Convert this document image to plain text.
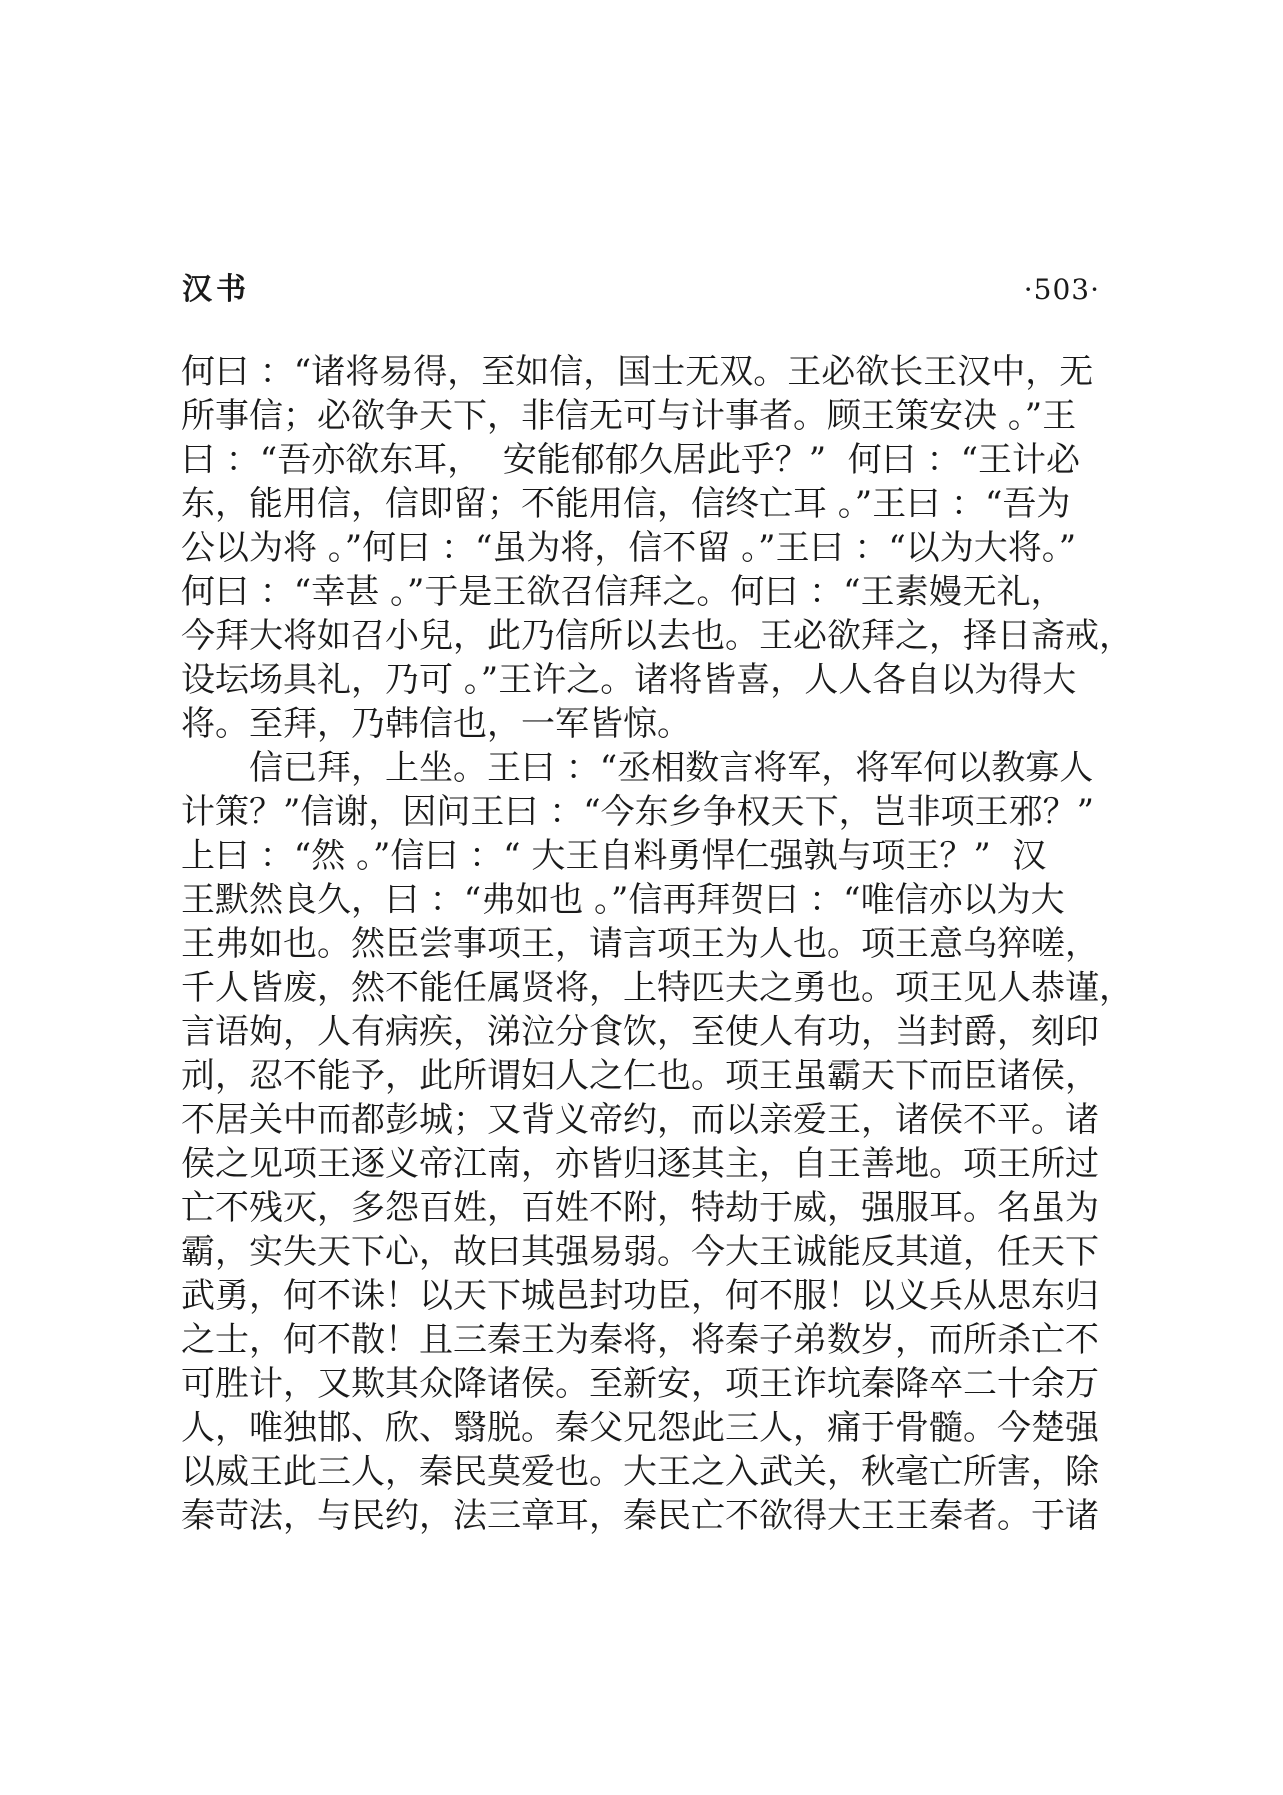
汉书	·503·
何曰 ：“诸将易得，至如信，国士无双。王必欲长王汉中，无
所事信；必欲争天下，非信无可与计事者。顾王策安决 。”王
曰 ：“吾亦欲东耳，  安能郁郁久居此乎？”  何曰 ：“王计必
东，能用信，信即留；不能用信，信终亡耳 。”王曰 ：“吾为
公以为将 。”何曰 ：“虽为将，信不留 。”王曰 ：“以为大将。”
何曰 ：“幸甚 。”于是王欲召信拜之。何曰 ：“王素嫚无礼，
今拜大将如召小兒，此乃信所以去也。王必欲拜之，择日斋戒，
设坛场具礼，乃可 。”王许之。诸将皆喜，人人各自以为得大
将。至拜，乃韩信也，一军皆惊。
　　信已拜，上坐。王曰 ：“丞相数言将军，将军何以教寡人
计策？”信谢，因问王曰 ：“今东乡争权天下，岂非项王邪？”
上曰 ：“然 。”信曰 ：“ 大王自料勇悍仁强孰与项王？”  汉
王默然良久，曰 ：“弗如也 。”信再拜贺曰 ：“唯信亦以为大
王弗如也。然臣尝事项王，请言项王为人也。项王意乌猝嗟，
千人皆废，然不能任属贤将，上特匹夫之勇也。项王见人恭谨，
言语姁，人有病疾，涕泣分食饮，至使人有功，当封爵，刻印
刓，忍不能予，此所谓妇人之仁也。项王虽霸天下而臣诸侯，
不居关中而都彭城；又背义帝约，而以亲爱王，诸侯不平。诸
侯之见项王逐义帝江南，亦皆归逐其主，自王善地。项王所过
亡不残灭，多怨百姓，百姓不附，特劫于威，强服耳。名虽为
霸，实失天下心，故曰其强易弱。今大王诚能反其道，任天下
武勇，何不诛！以天下城邑封功臣，何不服！以义兵从思东归
之士，何不散！且三秦王为秦将，将秦子弟数岁，而所杀亡不
可胜计，又欺其众降诸侯。至新安，项王诈坑秦降卒二十余万
人，唯独邯、欣、翳脱。秦父兄怨此三人，痛于骨髓。今楚强
以威王此三人，秦民莫爱也。大王之入武关，秋毫亡所害，除
秦苛法，与民约，法三章耳，秦民亡不欲得大王王秦者。于诸
